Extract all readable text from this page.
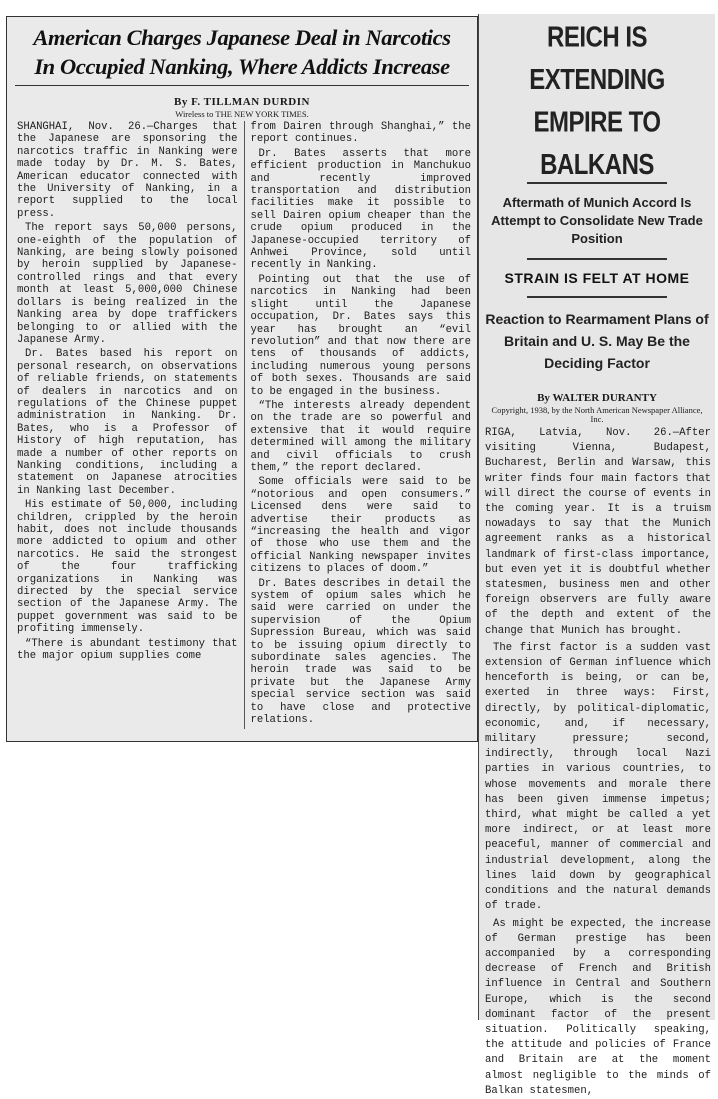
American Charges Japanese Deal in Narcotics
In Occupied Nanking, Where Addicts Increase
By F. TILLMAN DURDIN
Wireless to THE NEW YORK TIMES.

SHANGHAI, Nov. 26.—Charges that the Japanese are sponsoring the narcotics traffic in Nanking were made today by Dr. M. S. Bates, American educator connected with the University of Nanking, in a report supplied to the local press.

The report says 50,000 persons, one-eighth of the population of Nanking, are being slowly poisoned by heroin supplied by Japanese-controlled rings and that every month at least 5,000,000 Chinese dollars is being realized in the Nanking area by dope traffickers belonging to or allied with the Japanese Army.

Dr. Bates based his report on personal research, on observations of reliable friends, on statements of dealers in narcotics and on regulations of the Chinese puppet administration in Nanking. Dr. Bates, who is a Professor of History of high reputation, has made a number of other reports on Nanking conditions, including a statement on Japanese atrocities in Nanking last December.

His estimate of 50,000, including children, crippled by the heroin habit, does not include thousands more addicted to opium and other narcotics. He said the strongest of the four trafficking organizations in Nanking was directed by the special service section of the Japanese Army. The puppet government was said to be profiting immensely.

“There is abundant testimony that the major opium supplies come

from Dairen through Shanghai,” the report continues.

Dr. Bates asserts that more efficient production in Manchukuo and recently improved transportation and distribution facilities make it possible to sell Dairen opium cheaper than the crude opium produced in the Japanese-occupied territory of Anhwei Province, sold until recently in Nanking.

Pointing out that the use of narcotics in Nanking had been slight until the Japanese occupation, Dr. Bates says this year has brought an “evil revolution” and that now there are tens of thousands of addicts, including numerous young persons of both sexes. Thousands are said to be engaged in the business.

“The interests already dependent on the trade are so powerful and extensive that it would require determined will among the military and civil officials to crush them,” the report declared.

Some officials were said to be “notorious and open consumers.” Licensed dens were said to advertise their products as “increasing the health and vigor of those who use them and the official Nanking newspaper invites citizens to places of doom.”

Dr. Bates describes in detail the system of opium sales which he said were carried on under the supervision of the Opium Supression Bureau, which was said to be issuing opium directly to subordinate sales agencies. The heroin trade was said to be private but the Japanese Army special service section was said to have close and protective relations.

REICH IS EXTENDING
EMPIRE TO BALKANS
Aftermath of Munich Accord Is Attempt to Consolidate New Trade Position
STRAIN IS FELT AT HOME
Reaction to Rearmament Plans of Britain and U. S. May Be the Deciding Factor
By WALTER DURANTY
Copyright, 1938, by the North American Newspaper Alliance, Inc.

RIGA, Latvia, Nov. 26.—After visiting Vienna, Budapest, Bucharest, Berlin and Warsaw, this writer finds four main factors that will direct the course of events in the coming year. It is a truism nowadays to say that the Munich agreement ranks as a historical landmark of first-class importance, but even yet it is doubtful whether statesmen, business men and other foreign observers are fully aware of the depth and extent of the change that Munich has brought.

The first factor is a sudden vast extension of German influence which henceforth is being, or can be, exerted in three ways: First, directly, by political-diplomatic, economic, and, if necessary, military pressure; second, indirectly, through local Nazi parties in various countries, to whose movements and morale there has been given immense impetus; third, what might be called a yet more indirect, or at least more peaceful, manner of commercial and industrial development, along the lines laid down by geographical conditions and the natural demands of trade.

As might be expected, the increase of German prestige has been accompanied by a corresponding decrease of French and British influence in Central and Southern Europe, which is the second dominant factor of the present situation. Politically speaking, the attitude and policies of France and Britain are at the moment almost negligible to the minds of Balkan statesmen,
